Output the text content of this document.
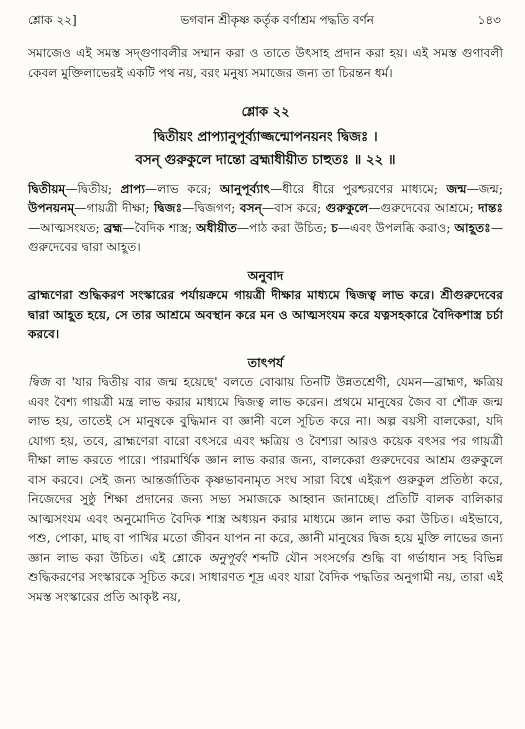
শ্লোক ২২]	ভগবান শ্রীকৃষ্ণ কর্তৃক বর্ণাশ্রম পদ্ধতি বর্ণন	১৪৩

সমাজেও এই সমস্ত সদ্‌গুণাবলীর সম্মান করা ও তাতে উৎসাহ প্রদান করা হয়। এই সমস্ত গুণাবলী কেবল মুক্তিলাভেরই একটি পথ নয়, বরং মনুষ্য সমাজের জন্য তা চিরন্তন ধর্ম।

শ্লোক ২২
দ্বিতীয়ং প্রাপ্যানুপূর্ব্যাজ্জন্মোপনয়নং দ্বিজঃ ।
বসন্ গুরুকুলে দান্তো ব্রহ্মাধীয়ীত চাহুতঃ ॥ ২২ ॥

দ্বিতীয়ম্—দ্বিতীয়; প্রাপ্য—লাভ করে; আনুপূর্ব্যাৎ—ধীরে ধীরে পুরশ্চরণের মাধ্যমে; জন্ম—জন্ম; উপনয়নম্—গায়ত্রী দীক্ষা; দ্বিজঃ—দ্বিজগণ; বসন্—বাস করে; গুরুকুলে—গুরুদেবের আশ্রমে; দান্তঃ—আত্মসংযত; ব্রহ্ম—বৈদিক শাস্ত্র; অধীয়ীত—পাঠ করা উচিত; চ—এবং উপলব্ধি করাও; আহূতঃ—গুরুদেবের দ্বারা আহূত।

অনুবাদ

ব্রাহ্মণেরা শুদ্ধিকরণ সংস্কারের পর্যায়ক্রমে গায়ত্রী দীক্ষার মাধ্যমে দ্বিজত্ব লাভ করে। শ্রীগুরুদেবের দ্বারা আহূত হয়ে, সে তার আশ্রমে অবস্থান করে মন ও আত্মসংযম করে যত্নসহকারে বৈদিকশাস্ত্র চর্চা করবে।

তাৎপর্য

দ্বিজ বা 'যার দ্বিতীয় বার জন্ম হয়েছে' বলতে বোঝায় তিনটি উন্নতশ্রেণী, যেমন—ব্রাহ্মণ, ক্ষত্রিয় এবং বৈশ্য গায়ত্রী মন্ত্র লাভ করার মাধ্যমে দ্বিজত্ব লাভ করেন। প্রথমে মানুষের জৈব বা শৌক্র জন্ম লাভ হয়, তাতেই সে মানুষকে বুদ্ধিমান বা জ্ঞানী বলে সূচিত করে না। অল্প বয়সী বালকেরা, যদি যোগ্য হয়, তবে, ব্রাহ্মণেরা বারো বৎসরে এবং ক্ষত্রিয় ও বৈশ্যরা আরও কয়েক বৎসর পর গায়ত্রী দীক্ষা লাভ করতে পারে। পারমার্থিক জ্ঞান লাভ করার জন্য, বালকেরা গুরুদেবের আশ্রম গুরুকুলে বাস করবে। সেই জন্য আন্তর্জাতিক কৃষ্ণভাবনামৃত সংঘ সারা বিশ্বে এইরূপ গুরুকুল প্রতিষ্ঠা করে, নিজেদের সুষ্ঠু শিক্ষা প্রদানের জন্য সভ্য সমাজকে আহ্বান জানাচ্ছে। প্রতিটি বালক বালিকার আত্মসংযম এবং অনুমোদিত বৈদিক শাস্ত্র অধ্যয়ন করার মাধ্যমে জ্ঞান লাভ করা উচিত। এইভাবে, পশু, পোকা, মাছ বা পাখির মতো জীবন যাপন না করে, জ্ঞানী মানুষের দ্বিজ হয়ে মুক্তি লাভের জন্য জ্ঞান লাভ করা উচিত। এই শ্লোকে অনুপূর্বং শব্দটি যৌন সংসর্গের শুদ্ধি বা গর্ভাধান সহ বিভিন্ন শুদ্ধিকরণের সংস্কারকে সূচিত করে। সাধারণত শূদ্র এবং যারা বৈদিক পদ্ধতির অনুগামী নয়, তারা এই সমস্ত সংস্কারের প্রতি আকৃষ্ট নয়,
